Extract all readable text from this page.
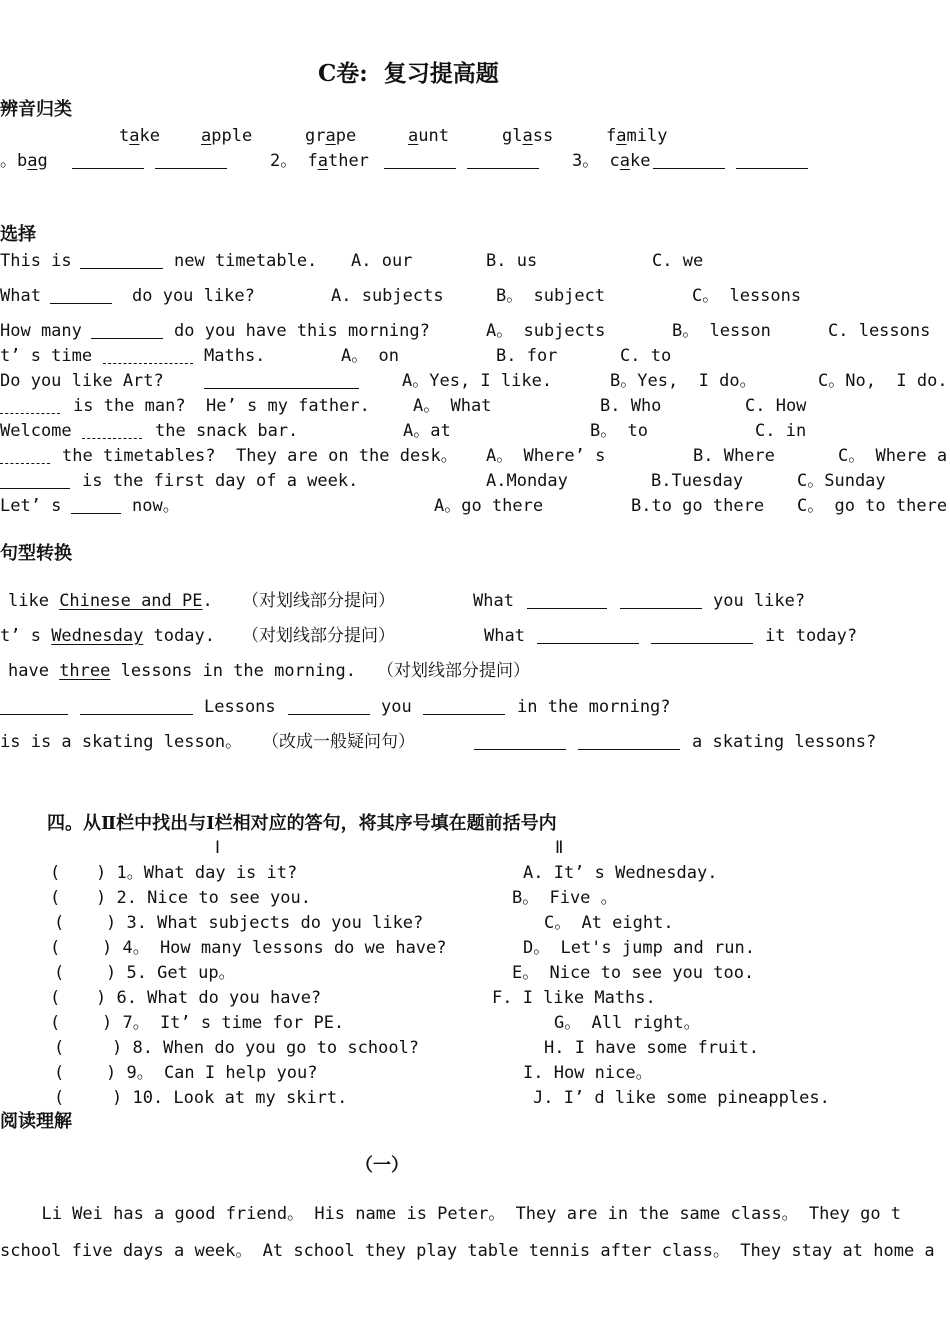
C卷:  复习提高题
辨音归类
take apple	grape	aunt	glass	family
。bag	2。 father	3。 cake
选择
This is	new timetable. A. our	B. us	C. we
What	do you like?	A. subjects	B。 subject	C。 lessons
How many	do you have this morning?	A。 subjects	B。 lesson	C. lessons
t’ s time	Maths.	A。 on	B. for	C. to
Do you like Art?	A。Yes, I like.	B。Yes,  I do。	C。No,  I do.
is the man?  He’ s my father.	A。 What	B. Who	C. How
Welcome	the snack bar.	A。at	B。 to	C. in
the timetables?  They are on the desk。 A。 Where’ s	B. Where	C。 Where a
is the first day of a week.	A.Monday	B.Tuesday	C。Sunday
Let’ s	now。	A。go there	B.to go there C。 go to there
句型转换
like Chinese and PE. （对划线部分提问）	What	you like?
t’ s Wednesday today. （对划线部分提问）	What	it today?
have three lessons in the morning. （对划线部分提问）
Lessons	you	in the morning?
is is a skating lesson。 （改成一般疑问句）	a skating lessons?
四。从Ⅱ栏中找出与Ⅰ栏相对应的答句，将其序号填在题前括号内
Ⅰ	Ⅱ
( ) 1。What day is it?	A. It’ s Wednesday.
( ) 2. Nice to see you.	B。 Five 。
( ) 3. What subjects do you like?	C。 At eight.
( ) 4。 How many lessons do we have?	D。 Let's jump and run.
( ) 5. Get up。	E。 Nice to see you too.
( ) 6. What do you have?	F. I like Maths.
( ) 7。 It’ s time for PE.	G。 All right。
(	) 8. When do you go to school?	H. I have some fruit.
( ) 9。 Can I help you?	I. How nice。
(	) 10. Look at my skirt.	J. I’ d like some pineapples.
阅读理解
（一）
Li Wei has a good friend。 His name is Peter。 They are in the same class。 They go t
school five days a week。 At school they play table tennis after class。 They stay at home a
